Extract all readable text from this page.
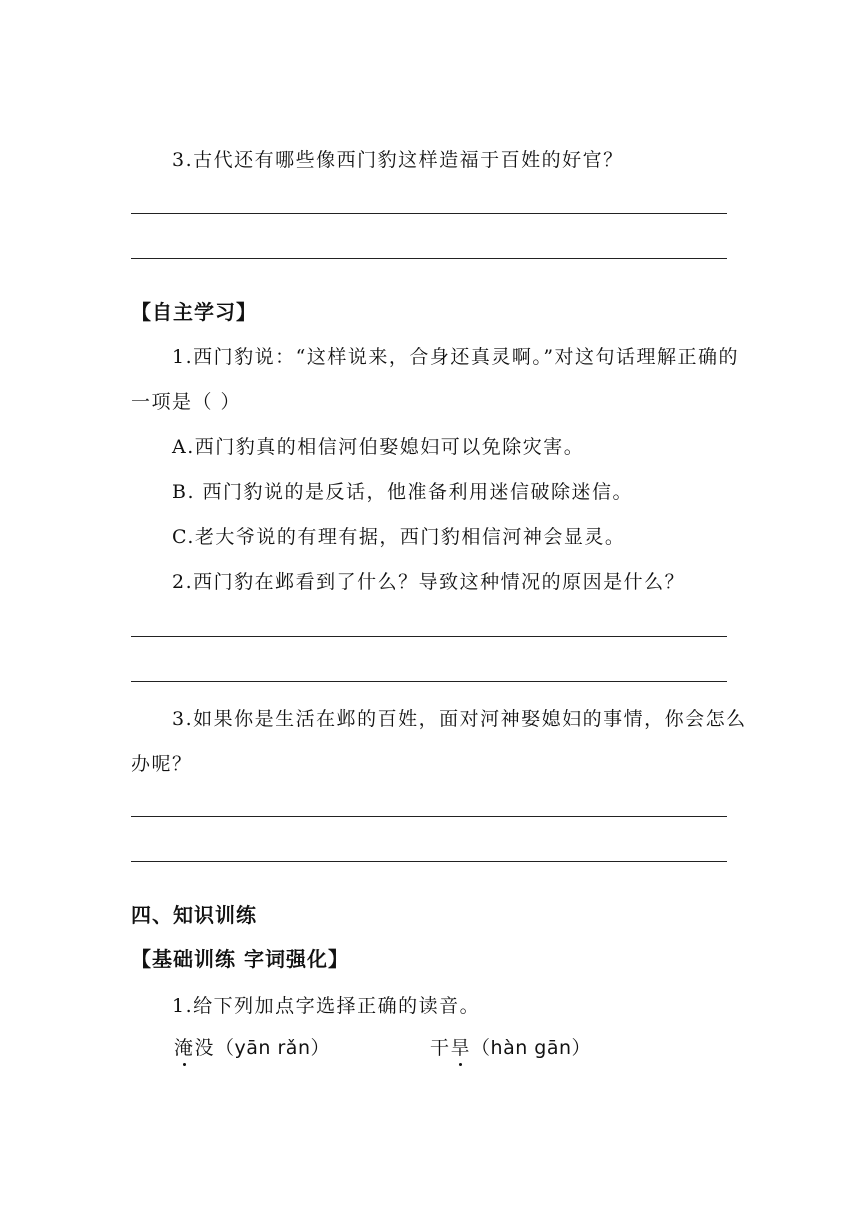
3.古代还有哪些像西门豹这样造福于百姓的好官？
【自主学习】
1.西门豹说：“这样说来，合身还真灵啊。”对这句话理解正确的
一项是（ ）
A.西门豹真的相信河伯娶媳妇可以免除灾害。
B. 西门豹说的是反话，他准备利用迷信破除迷信。
C.老大爷说的有理有据，西门豹相信河神会显灵。
2.西门豹在邺看到了什么？导致这种情况的原因是什么？
3.如果你是生活在邺的百姓，面对河神娶媳妇的事情，你会怎么
办呢？
四、知识训练
【基础训练 字词强化】
1.给下列加点字选择正确的读音。
淹没（yān rǎn）	干旱（hàn gān）
